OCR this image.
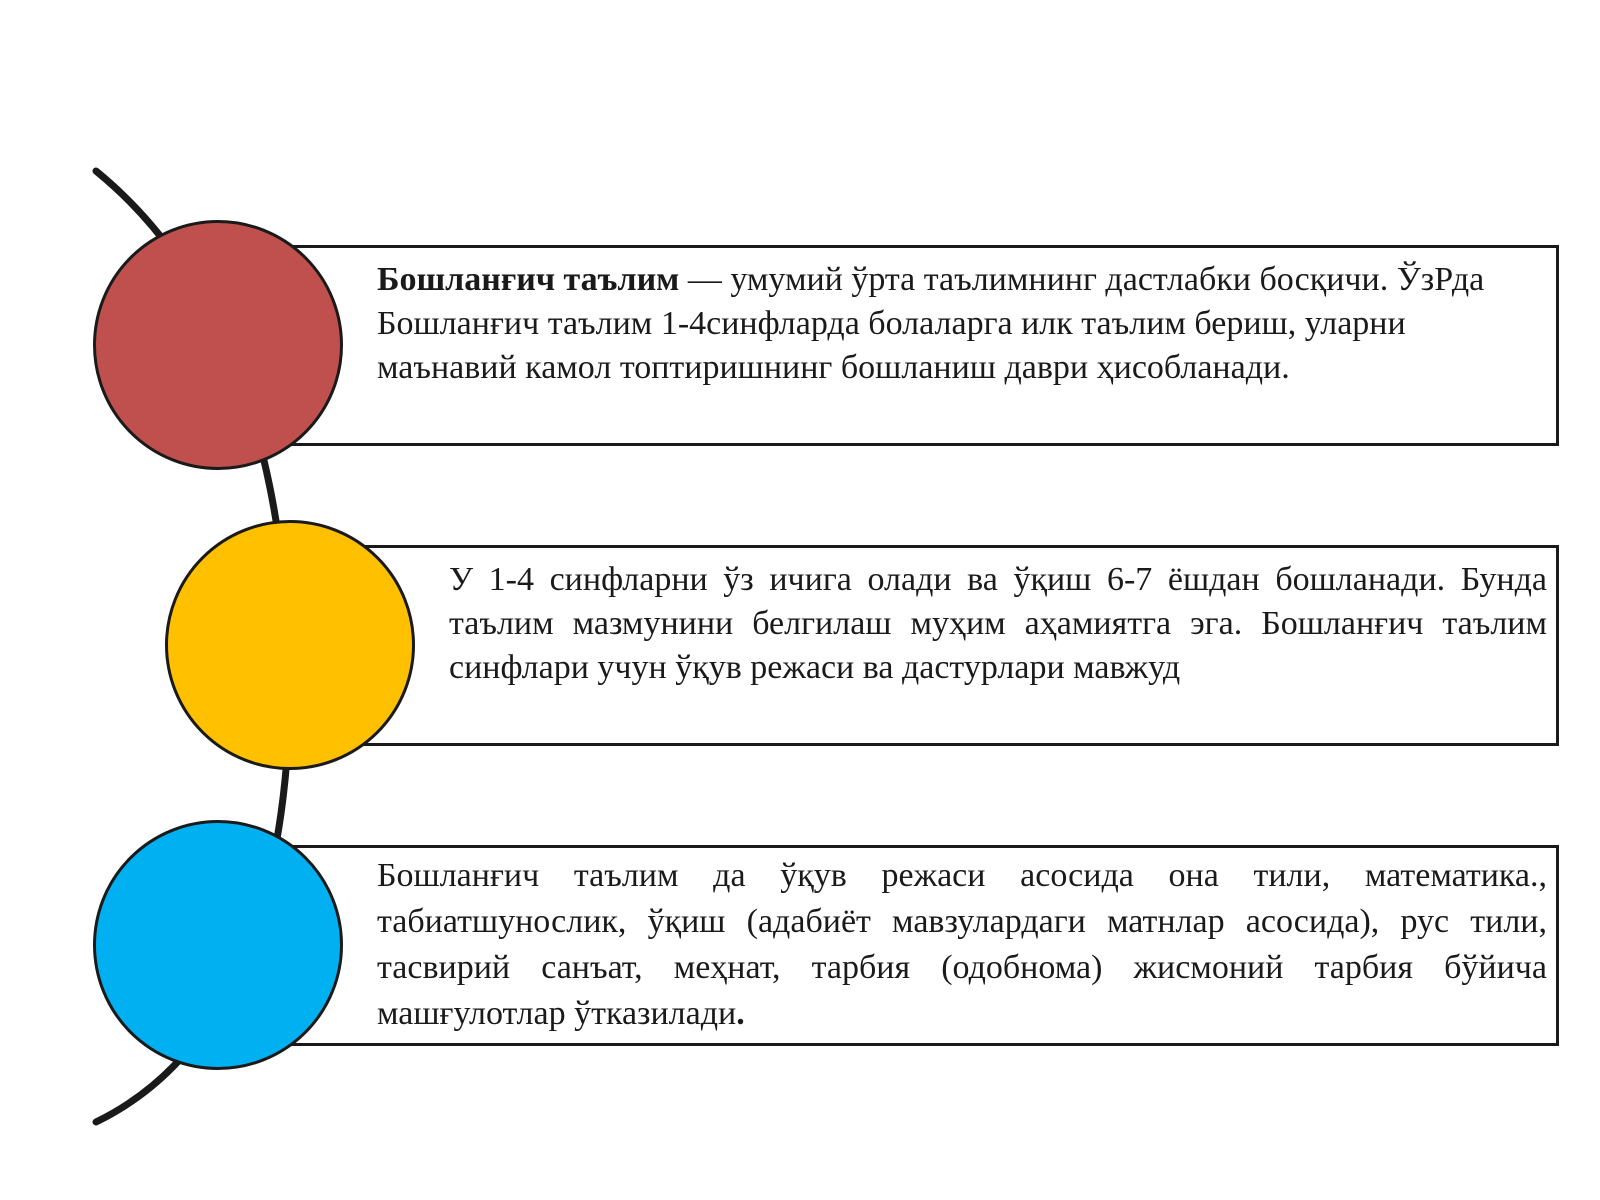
Бошланғич таълим — умумий ўрта таълимнинг дастлабки босқичи. ЎзРда Бошланғич таълим 1-4синфларда болаларга илк таълим бериш, уларни маънавий камол топтиришнинг бошланиш даври ҳисобланади.
У 1-4 синфларни ўз ичига олади ва ўқиш 6-7 ёшдан бошланади. Бунда таълим мазмунини белгилаш муҳим аҳамиятга эга. Бошланғич таълим синфлари учун ўқув режаси ва дастурлари мавжуд
Бошланғич таълим да ўқув режаси асосида она тили, математика., табиатшунослик, ўқиш (адабиёт мавзулардаги матнлар асосида), рус тили, тасвирий санъат, меҳнат, тарбия (одобнома) жисмоний тарбия бўйича машғулотлар ўтказилади.
